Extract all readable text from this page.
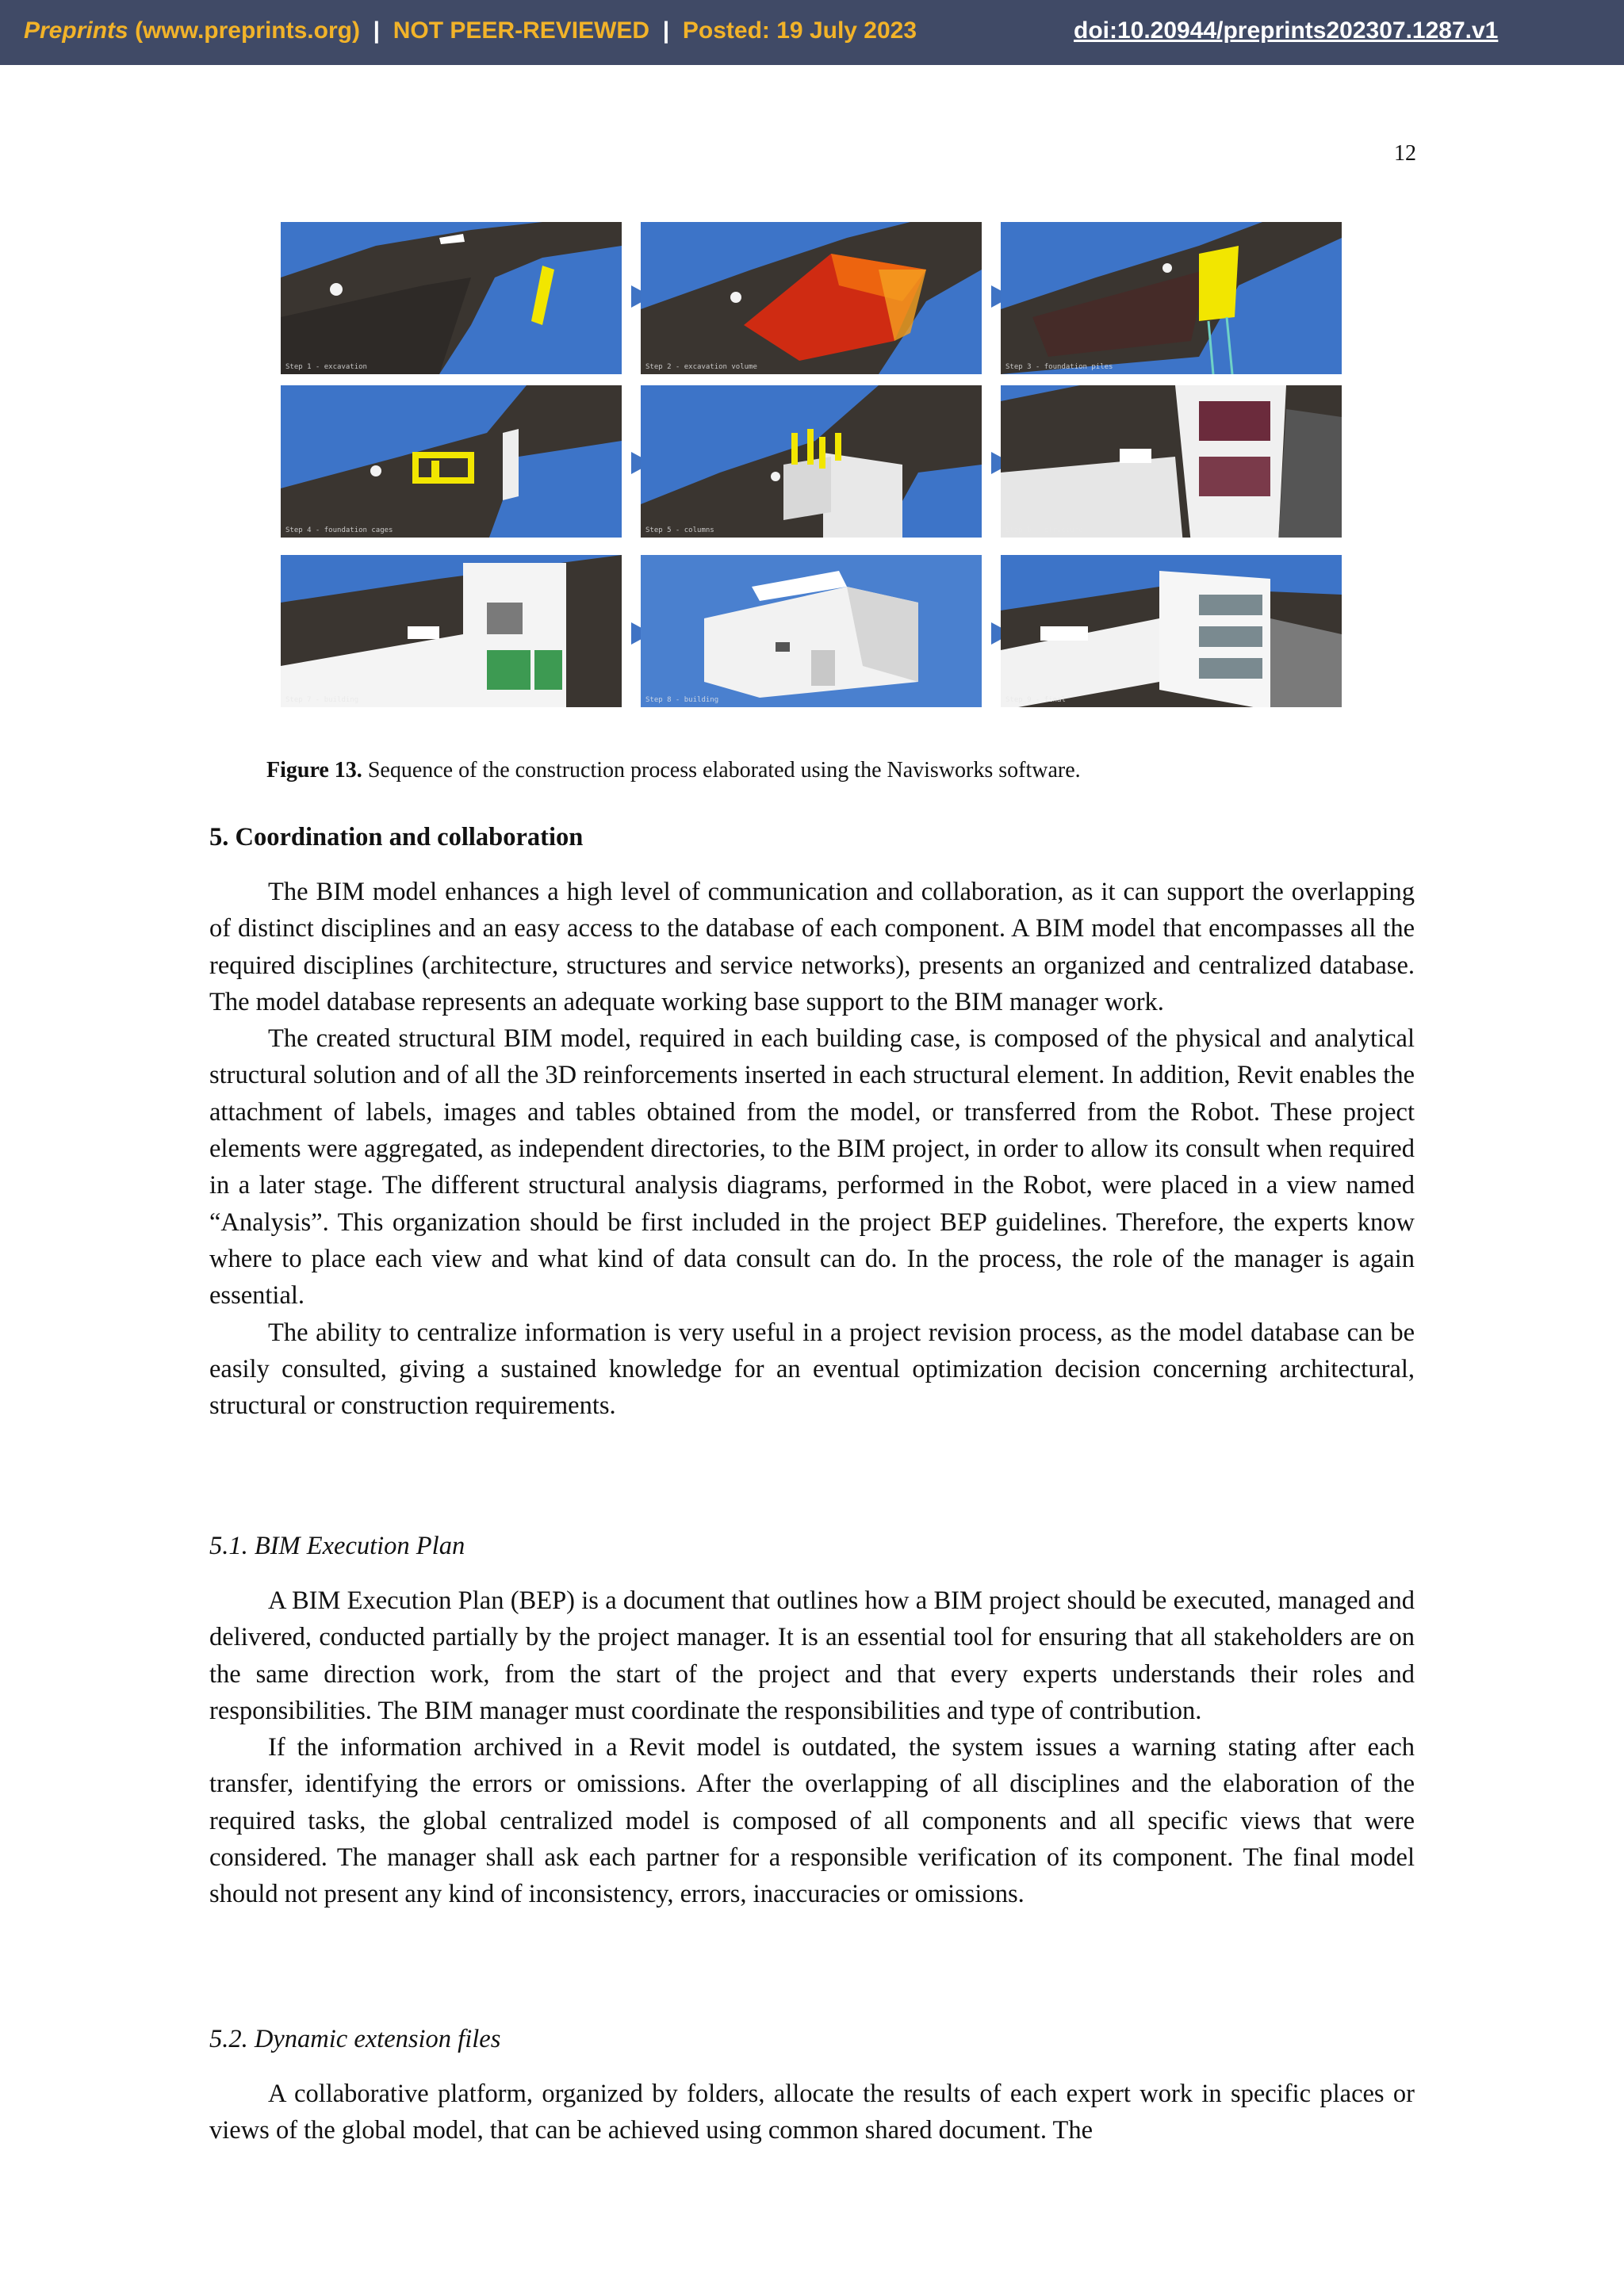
Preprints (www.preprints.org) | NOT PEER-REVIEWED | Posted: 19 July 2023	doi:10.20944/preprints202307.1287.v1
12
Step 1 - excavation	Step 2 - excavation volume	Step 3 - foundation piles
Step 4 - foundation cages	Step 5 - columns	Step 6 - structure
Step 7 - building	Step 8 - building	Step 9 - final
Figure 13. Sequence of the construction process elaborated using the Navisworks software.
5. Coordination and collaboration

The BIM model enhances a high level of communication and collaboration, as it can support the overlapping of distinct disciplines and an easy access to the database of each component. A BIM model that encompasses all the required disciplines (architecture, structures and service networks), presents an organized and centralized database. The model database represents an adequate working base support to the BIM manager work.

The created structural BIM model, required in each building case, is composed of the physical and analytical structural solution and of all the 3D reinforcements inserted in each structural element. In addition, Revit enables the attachment of labels, images and tables obtained from the model, or transferred from the Robot. These project elements were aggregated, as independent directories, to the BIM project, in order to allow its consult when required in a later stage. The different structural analysis diagrams, performed in the Robot, were placed in a view named “Analysis”. This organization should be first included in the project BEP guidelines. Therefore, the experts know where to place each view and what kind of data consult can do. In the process, the role of the manager is again essential.

The ability to centralize information is very useful in a project revision process, as the model database can be easily consulted, giving a sustained knowledge for an eventual optimization decision concerning architectural, structural or construction requirements.

5.1. BIM Execution Plan

A BIM Execution Plan (BEP) is a document that outlines how a BIM project should be executed, managed and delivered, conducted partially by the project manager. It is an essential tool for ensuring that all stakeholders are on the same direction work, from the start of the project and that every experts understands their roles and responsibilities. The BIM manager must coordinate the responsibilities and type of contribution.

If the information archived in a Revit model is outdated, the system issues a warning stating after each transfer, identifying the errors or omissions. After the overlapping of all disciplines and the elaboration of the required tasks, the global centralized model is composed of all components and all specific views that were considered. The manager shall ask each partner for a responsible verification of its component. The final model should not present any kind of inconsistency, errors, inaccuracies or omissions.

5.2. Dynamic extension files

A collaborative platform, organized by folders, allocate the results of each expert work in specific places or views of the global model, that can be achieved using common shared document. The
